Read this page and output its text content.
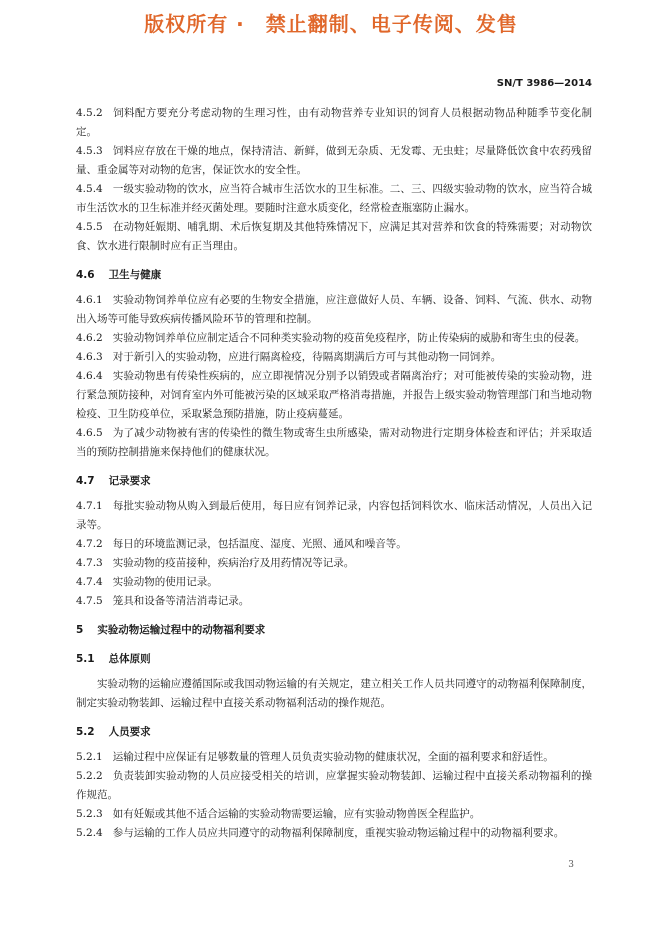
版权所有 ·　禁止翻制、电子传阅、发售
SN/T 3986—2014

4.5.2 饲料配方要充分考虑动物的生理习性，由有动物营养专业知识的饲育人员根据动物品种随季节变化制定。

4.5.3 饲料应存放在干燥的地点，保持清洁、新鲜，做到无杂质、无发霉、无虫蛀；尽量降低饮食中农药残留量、重金属等对动物的危害，保证饮水的安全性。

4.5.4 一级实验动物的饮水，应当符合城市生活饮水的卫生标准。二、三、四级实验动物的饮水，应当符合城市生活饮水的卫生标准并经灭菌处理。要随时注意水质变化，经常检查瓶塞防止漏水。

4.5.5 在动物妊娠期、哺乳期、术后恢复期及其他特殊情况下，应满足其对营养和饮食的特殊需要；对动物饮食、饮水进行限制时应有正当理由。

4.6 卫生与健康

4.6.1 实验动物饲养单位应有必要的生物安全措施，应注意做好人员、车辆、设备、饲料、气流、供水、动物出入场等可能导致疾病传播风险环节的管理和控制。

4.6.2 实验动物饲养单位应制定适合不同种类实验动物的疫苗免疫程序，防止传染病的威胁和寄生虫的侵袭。

4.6.3 对于新引入的实验动物，应进行隔离检疫，待隔离期满后方可与其他动物一同饲养。

4.6.4 实验动物患有传染性疾病的，应立即视情况分别予以销毁或者隔离治疗；对可能被传染的实验动物，进行紧急预防接种，对饲育室内外可能被污染的区域采取严格消毒措施，并报告上级实验动物管理部门和当地动物检疫、卫生防疫单位，采取紧急预防措施，防止疫病蔓延。

4.6.5 为了减少动物被有害的传染性的微生物或寄生虫所感染，需对动物进行定期身体检查和评估；并采取适当的预防控制措施来保持他们的健康状况。

4.7 记录要求

4.7.1 每批实验动物从购入到最后使用，每日应有饲养记录，内容包括饲料饮水、临床活动情况，人员出入记录等。

4.7.2 每日的环境监测记录，包括温度、湿度、光照、通风和噪音等。

4.7.3 实验动物的疫苗接种，疾病治疗及用药情况等记录。

4.7.4 实验动物的使用记录。

4.7.5 笼具和设备等清洁消毒记录。

5 实验动物运输过程中的动物福利要求
5.1 总体原则

实验动物的运输应遵循国际或我国动物运输的有关规定，建立相关工作人员共同遵守的动物福利保障制度，制定实验动物装卸、运输过程中直接关系动物福利活动的操作规范。

5.2 人员要求

5.2.1 运输过程中应保证有足够数量的管理人员负责实验动物的健康状况，全面的福利要求和舒适性。

5.2.2 负责装卸实验动物的人员应接受相关的培训，应掌握实验动物装卸、运输过程中直接关系动物福利的操作规范。

5.2.3 如有妊娠或其他不适合运输的实验动物需要运输，应有实验动物兽医全程监护。

5.2.4 参与运输的工作人员应共同遵守的动物福利保障制度，重视实验动物运输过程中的动物福利要求。

3
